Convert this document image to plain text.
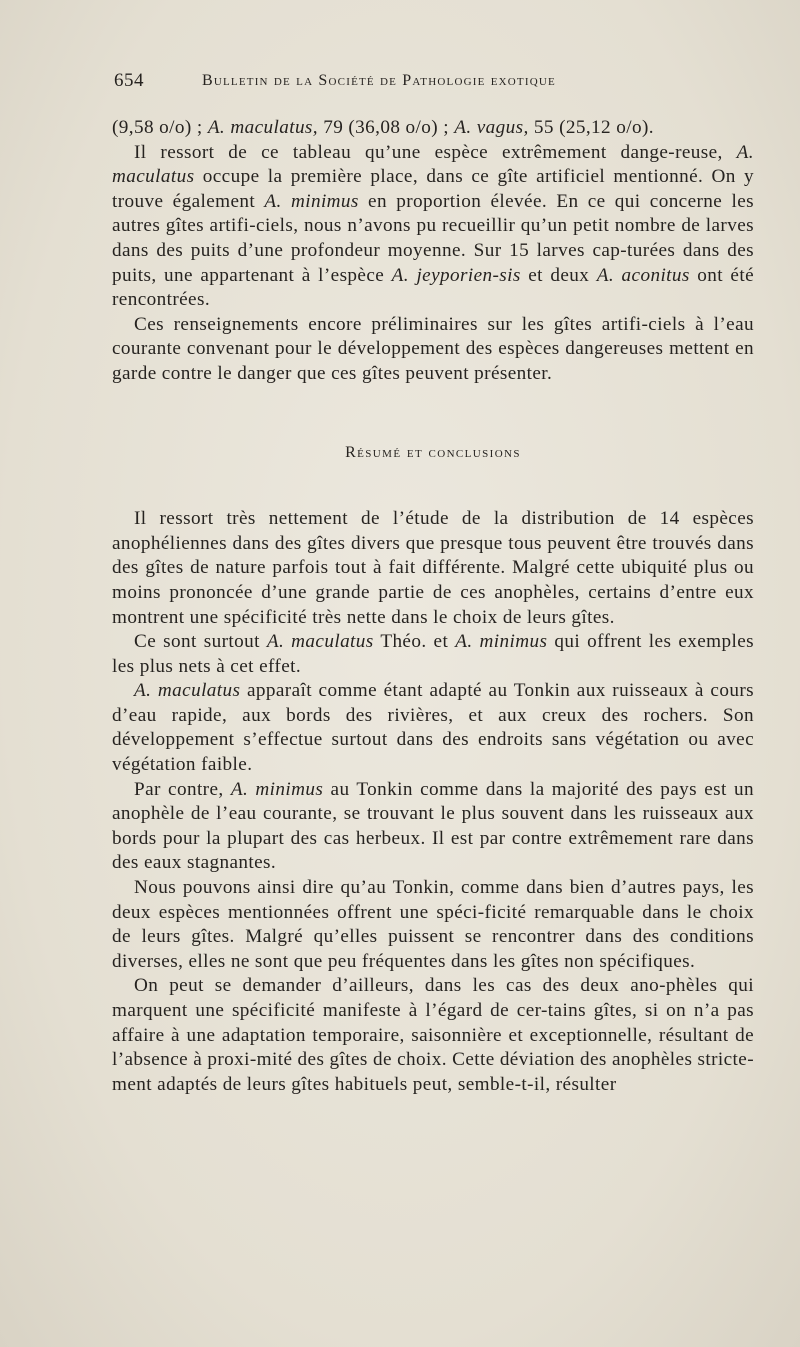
654	Bulletin de la Société de Pathologie exotique

(9,58 o/o) ; A. maculatus, 79 (36,08 o/o) ; A. vagus, 55 (25,12 o/o).

Il ressort de ce tableau qu’une espèce extrêmement dange-reuse, A. maculatus occupe la première place, dans ce gîte artificiel mentionné. On y trouve également A. minimus en proportion élevée. En ce qui concerne les autres gîtes artifi-ciels, nous n’avons pu recueillir qu’un petit nombre de larves dans des puits d’une profondeur moyenne. Sur 15 larves cap-turées dans des puits, une appartenant à l’espèce A. jeyporien-sis et deux A. aconitus ont été rencontrées.

Ces renseignements encore préliminaires sur les gîtes artifi-ciels à l’eau courante convenant pour le développement des espèces dangereuses mettent en garde contre le danger que ces gîtes peuvent présenter.

Résumé et conclusions

Il ressort très nettement de l’étude de la distribution de 14 espèces anophéliennes dans des gîtes divers que presque tous peuvent être trouvés dans des gîtes de nature parfois tout à fait différente. Malgré cette ubiquité plus ou moins prononcée d’une grande partie de ces anophèles, certains d’entre eux montrent une spécificité très nette dans le choix de leurs gîtes.

Ce sont surtout A. maculatus Théo. et A. minimus qui offrent les exemples les plus nets à cet effet.

A. maculatus apparaît comme étant adapté au Tonkin aux ruisseaux à cours d’eau rapide, aux bords des rivières, et aux creux des rochers. Son développement s’effectue surtout dans des endroits sans végétation ou avec végétation faible.

Par contre, A. minimus au Tonkin comme dans la majorité des pays est un anophèle de l’eau courante, se trouvant le plus souvent dans les ruisseaux aux bords pour la plupart des cas herbeux. Il est par contre extrêmement rare dans des eaux stagnantes.

Nous pouvons ainsi dire qu’au Tonkin, comme dans bien d’autres pays, les deux espèces mentionnées offrent une spéci-ficité remarquable dans le choix de leurs gîtes. Malgré qu’elles puissent se rencontrer dans des conditions diverses, elles ne sont que peu fréquentes dans les gîtes non spécifiques.

On peut se demander d’ailleurs, dans les cas des deux ano-phèles qui marquent une spécificité manifeste à l’égard de cer-tains gîtes, si on n’a pas affaire à une adaptation temporaire, saisonnière et exceptionnelle, résultant de l’absence à proxi-mité des gîtes de choix. Cette déviation des anophèles stricte-ment adaptés de leurs gîtes habituels peut, semble-t-il, résulter
